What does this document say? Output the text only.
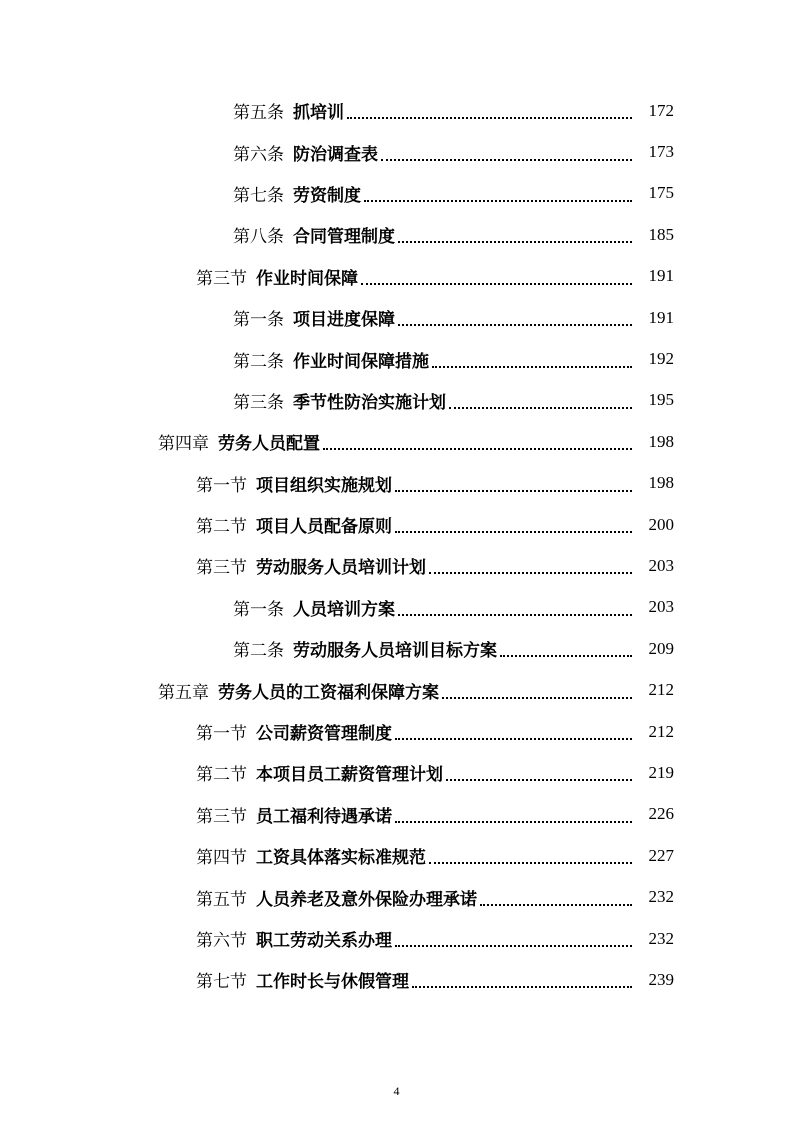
第五条 抓培训	172
第六条 防治调查表	173
第七条 劳资制度	175
第八条 合同管理制度	185
第三节 作业时间保障	191
第一条 项目进度保障	191
第二条 作业时间保障措施	192
第三条 季节性防治实施计划	195
第四章 劳务人员配置	198
第一节 项目组织实施规划	198
第二节 项目人员配备原则	200
第三节 劳动服务人员培训计划	203
第一条 人员培训方案	203
第二条 劳动服务人员培训目标方案	209
第五章 劳务人员的工资福利保障方案	212
第一节 公司薪资管理制度	212
第二节 本项目员工薪资管理计划	219
第三节 员工福利待遇承诺	226
第四节 工资具体落实标准规范	227
第五节 人员养老及意外保险办理承诺	232
第六节 职工劳动关系办理	232
第七节 工作时长与休假管理	239
4
